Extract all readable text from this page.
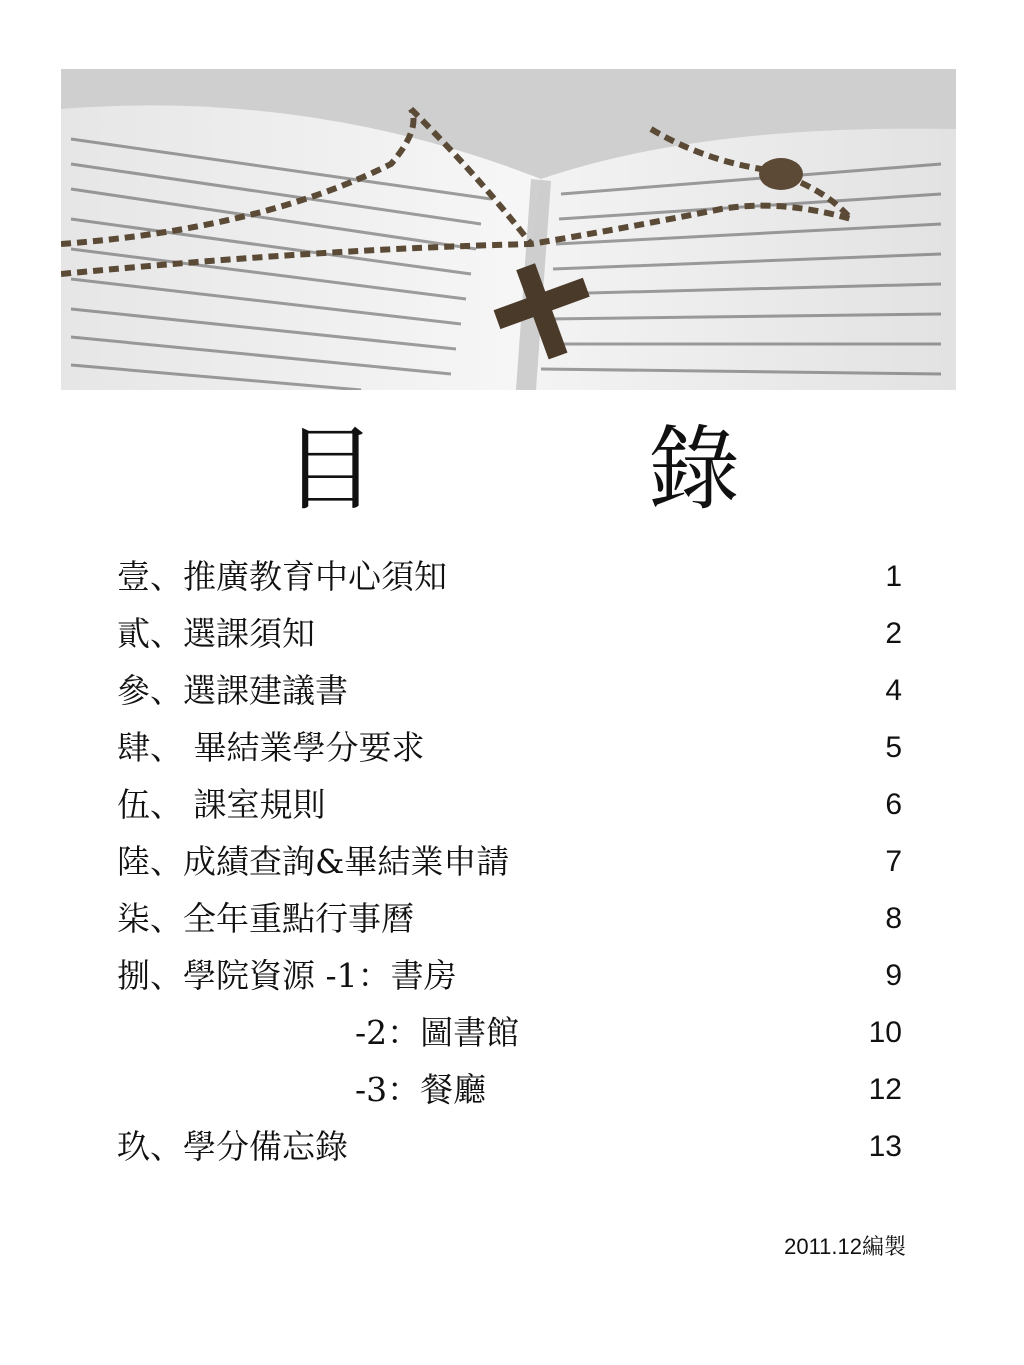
目　錄
壹、推廣教育中心須知	1
貳、選課須知	2
參、選課建議書	4
肆、 畢結業學分要求	5
伍、 課室規則	6
陸、成績查詢&畢結業申請	7
柒、全年重點行事曆	8
捌、學院資源 -1：書房	9
-2：圖書館	10
-3：餐廳	12
玖、學分備忘錄	13
2011.12編製
